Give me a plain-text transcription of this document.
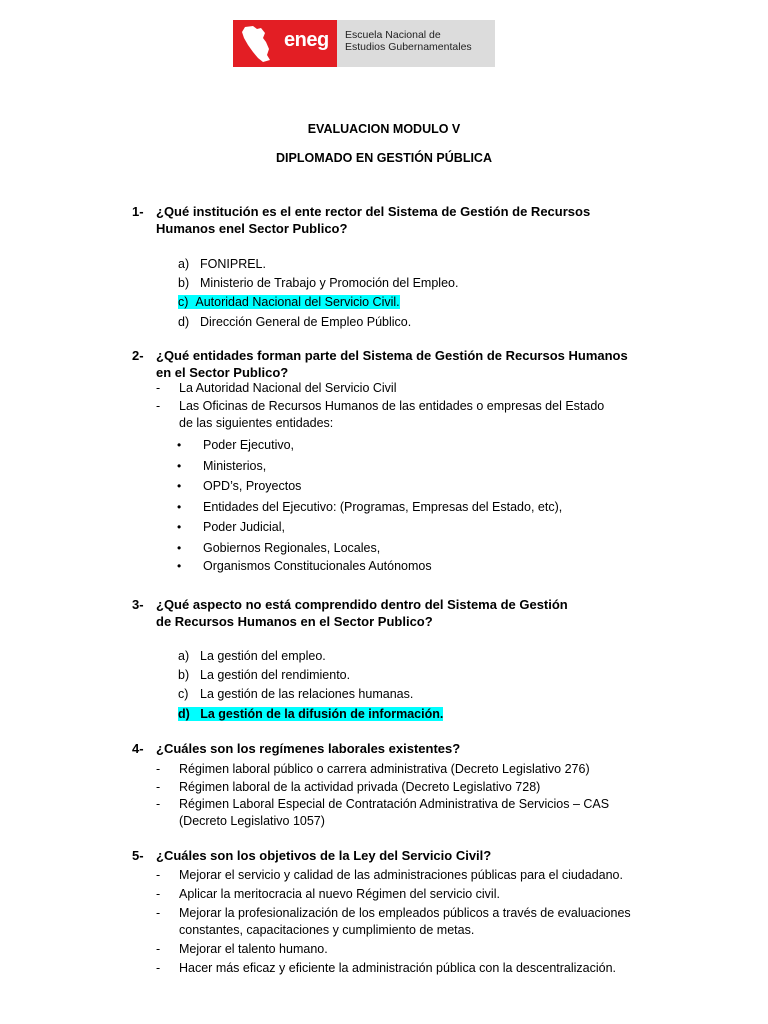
eneg Escuela Nacional de
Estudios Gubernamentales
EVALUACION MODULO V
DIPLOMADO EN GESTIÓN PÚBLICA
1- ¿Qué institución es el ente rector del Sistema de Gestión de Recursos Humanos enel Sector Publico?
a) FONIPREL.
b) Ministerio de Trabajo y Promoción del Empleo.
c) Autoridad Nacional del Servicio Civil.
d) Dirección General de Empleo Público.
2- ¿Qué entidades forman parte del Sistema de Gestión de Recursos Humanos en el Sector Publico?
- La Autoridad Nacional del Servicio Civil
- Las Oficinas de Recursos Humanos de las entidades o empresas del Estado de las siguientes entidades:
• Poder Ejecutivo,
• Ministerios,
• OPD’s, Proyectos
• Entidades del Ejecutivo: (Programas, Empresas del Estado, etc),
• Poder Judicial,
• Gobiernos Regionales, Locales,
• Organismos Constitucionales Autónomos
3- ¿Qué aspecto no está comprendido dentro del Sistema de Gestión de Recursos Humanos en el Sector Publico?
a) La gestión del empleo.
b) La gestión del rendimiento.
c) La gestión de las relaciones humanas.
d) La gestión de la difusión de información.
4- ¿Cuáles son los regímenes laborales existentes?
- Régimen laboral público o carrera administrativa (Decreto Legislativo 276)
- Régimen laboral de la actividad privada (Decreto Legislativo 728)
- Régimen Laboral Especial de Contratación Administrativa de Servicios – CAS (Decreto Legislativo 1057)
5- ¿Cuáles son los objetivos de la Ley del Servicio Civil?
- Mejorar el servicio y calidad de las administraciones públicas para el ciudadano.
- Aplicar la meritocracia al nuevo Régimen del servicio civil.
- Mejorar la profesionalización de los empleados públicos a través de evaluaciones constantes, capacitaciones y cumplimiento de metas.
- Mejorar el talento humano.
- Hacer más eficaz y eficiente la administración pública con la descentralización.
